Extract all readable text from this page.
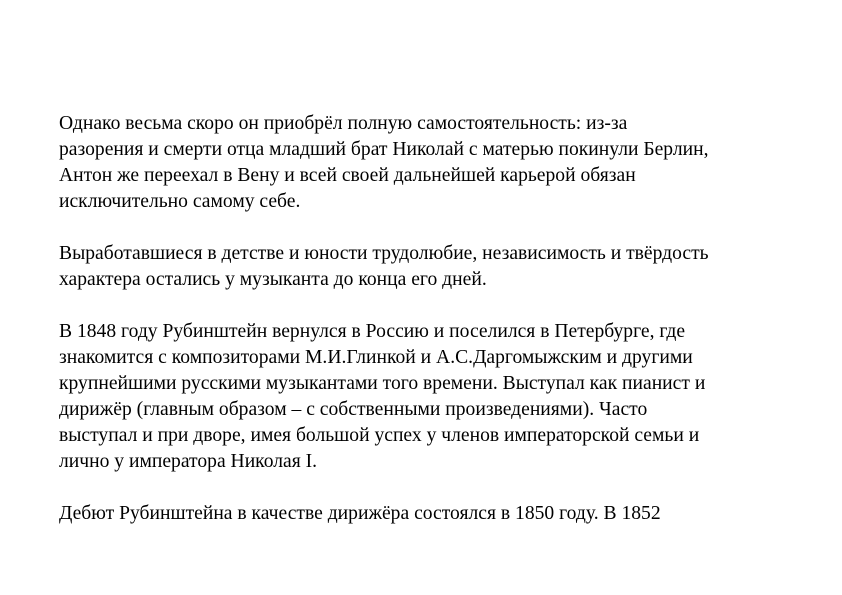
Однако весьма скоро он приобрёл полную самостоятельность: из-за
разорения и смерти отца младший брат Николай с матерью покинули Берлин,
Антон же переехал в Вену и всей своей дальнейшей карьерой обязан
исключительно самому себе.

Выработавшиеся в детстве и юности трудолюбие, независимость и твёрдость
характера остались у музыканта до конца его дней.

В 1848 году Рубинштейн вернулся в Россию и поселился в Петербурге, где
знакомится с композиторами М.И.Глинкой и А.С.Даргомыжским и другими
крупнейшими русскими музыкантами того времени. Выступал как пианист и
дирижёр (главным образом – с собственными произведениями). Часто
выступал и при дворе, имея большой успех у членов императорской семьи и
лично у императора Николая I.

Дебют Рубинштейна в качестве дирижёра состоялся в 1850 году. В 1852
